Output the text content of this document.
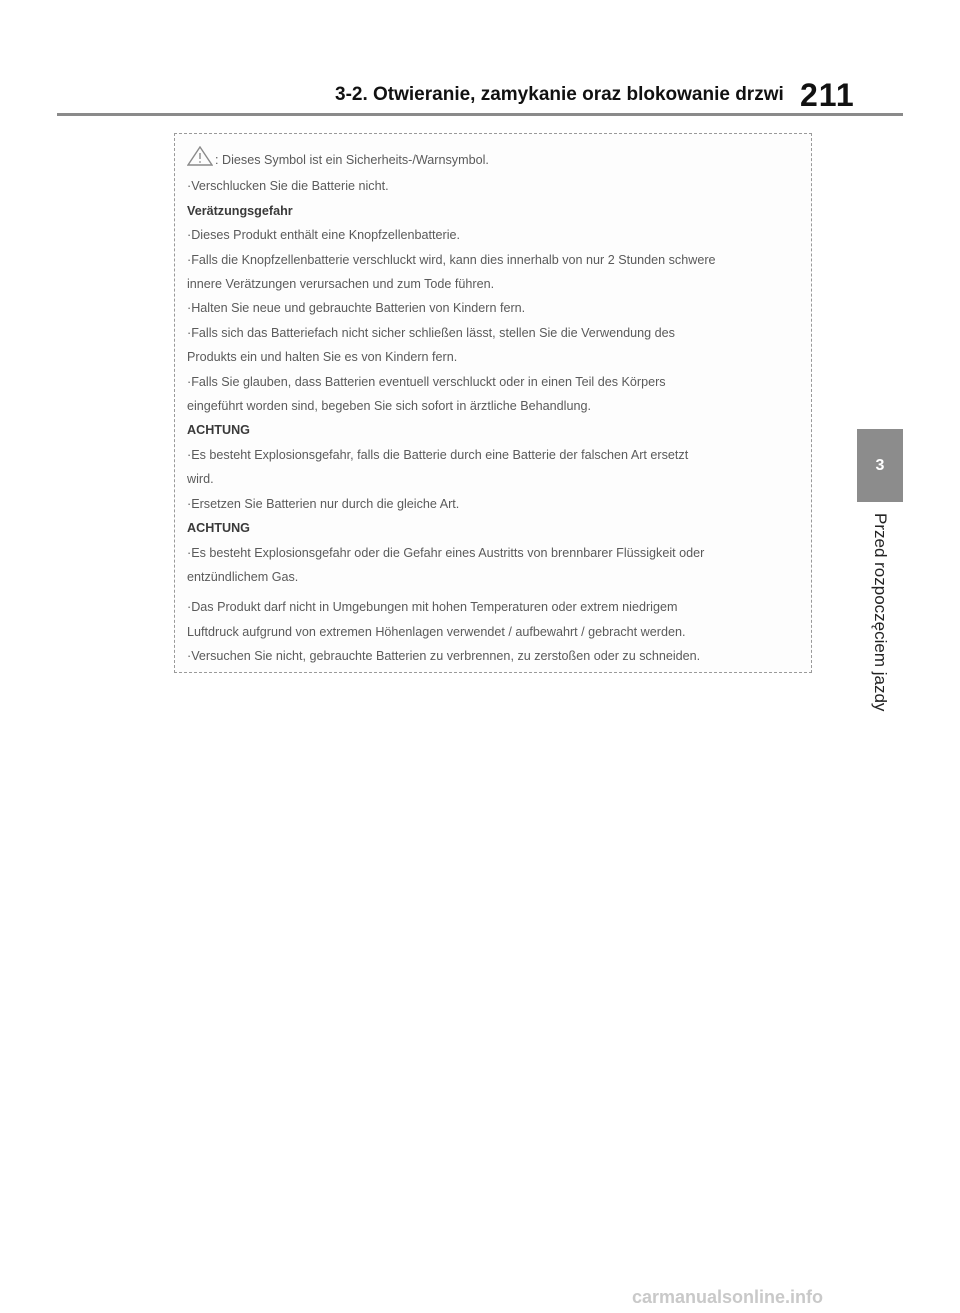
3-2. Otwieranie, zamykanie oraz blokowanie drzwi 211
3
Przed rozpoczęciem jazdy

: Dieses Symbol ist ein Sicherheits-/Warnsymbol.

·Verschlucken Sie die Batterie nicht.

Verätzungsgefahr

·Dieses Produkt enthält eine Knopfzellenbatterie.

·Falls die Knopfzellenbatterie verschluckt wird, kann dies innerhalb von nur 2 Stunden schwere

innere Verätzungen verursachen und zum Tode führen.

·Halten Sie neue und gebrauchte Batterien von Kindern fern.

·Falls sich das Batteriefach nicht sicher schließen lässt, stellen Sie die Verwendung des

Produkts ein und halten Sie es von Kindern fern.

·Falls Sie glauben, dass Batterien eventuell verschluckt oder in einen Teil des Körpers

eingeführt worden sind, begeben Sie sich sofort in ärztliche Behandlung.

ACHTUNG

·Es besteht Explosionsgefahr, falls die Batterie durch eine Batterie der falschen Art ersetzt

wird.

·Ersetzen Sie Batterien nur durch die gleiche Art.

ACHTUNG

·Es besteht Explosionsgefahr oder die Gefahr eines Austritts von brennbarer Flüssigkeit oder

entzündlichem Gas.

·Das Produkt darf nicht in Umgebungen mit hohen Temperaturen oder extrem niedrigem

Luftdruck aufgrund von extremen Höhenlagen verwendet / aufbewahrt / gebracht werden.

·Versuchen Sie nicht, gebrauchte Batterien zu verbrennen, zu zerstoßen oder zu schneiden.

carmanualsonline.info
